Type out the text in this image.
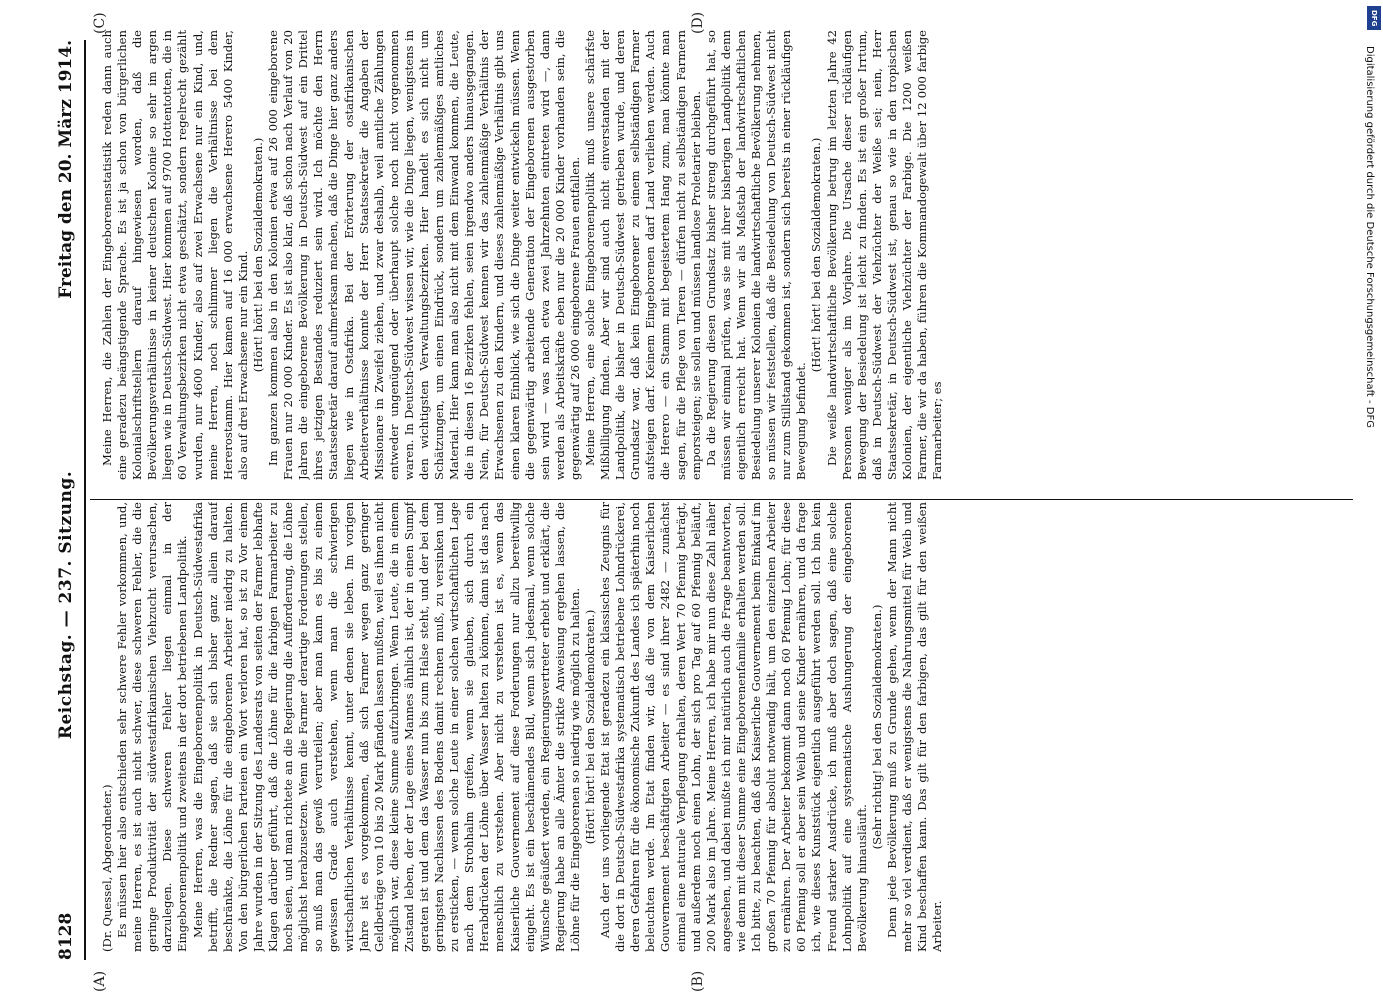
8128
Reichstag. — 237. Sitzung.
Freitag den 20. März 1914.
(A)
(C)
(B)
(D)

(Dr. Quessel, Abgeordneter.) Es müssen hier also entschieden sehr schwere Fehler vorkommen, und, meine Herren, es ist auch nicht schwer, diese schweren Fehler, die die geringe Produktivität der südwestafrikanischen Viehzucht verursachen, darzulegen. Diese schweren Fehler liegen einmal in der Eingeborenenpolitik und zweitens in der dort betriebenen Landpolitik. Meine Herren, was die Eingeborenenpolitik in Deutsch-Südwestafrika betrifft, die Redner sagen, daß sie sich bisher ganz allein darauf beschränkte, die Löhne für die eingeborenen Arbeiter niedrig zu halten. Von den bürgerlichen Parteien ein Wort verloren hat, so ist zu Vor einem Jahre wurden in der Sitzung des Landesrats von seiten der Farmer lebhafte Klagen darüber geführt, daß die Löhne für die farbigen Farmarbeiter zu hoch seien, und man richtete an die Regierung die Aufforderung, die Löhne möglichst herabzusetzen. Wenn die Farmer derartige Forderungen stellen, so muß man das gewiß verurteilen; aber man kann es bis zu einem gewissen Grade auch verstehen, wenn man die schwierigen wirtschaftlichen Verhältnisse kennt, unter denen sie leben. Im vorigen Jahre ist es vorgekommen, daß sich Farmer wegen ganz geringer Geldbeträge von 10 bis 20 Mark pfänden lassen mußten, weil es ihnen nicht möglich war, diese kleine Summe aufzubringen. Wenn Leute, die in einem Zustand leben, der der Lage eines Mannes ähnlich ist, der in einen Sumpf geraten ist und dem das Wasser nun bis zum Halse steht, und der bei dem geringsten Nachlassen des Bodens damit rechnen muß, zu versinken und zu ersticken, — wenn solche Leute in einer solchen wirtschaftlichen Lage nach dem Strohhalm greifen, wenn sie glauben, sich durch ein Herabdrücken der Löhne über Wasser halten zu können, dann ist das nach menschlich zu verstehen. Aber nicht zu verstehen ist es, wenn das Kaiserliche Gouvernement auf diese Forderungen nur allzu bereitwillig eingeht. Es ist ein beschämendes Bild, wenn sich jedesmal, wenn solche Wünsche geäußert werden, ein Regierungsvertreter erhebt und erklärt, die Regierung habe an alle Ämter die strikte Anweisung ergehen lassen, die Löhne für die Eingeborenen so niedrig wie möglich zu halten. (Hört! hört! bei den Sozialdemokraten.) Auch der uns vorliegende Etat ist geradezu ein klassisches Zeugnis für die dort in Deutsch-Südwestafrika systematisch betriebene Lohndrückerei, deren Gefahren für die ökonomische Zukunft des Landes ich späterhin noch beleuchten werde. Im Etat finden wir, daß die von dem Kaiserlichen Gouvernement beschäftigten Arbeiter — es sind ihrer 2482 — zunächst einmal eine naturale Verpflegung erhalten, deren Wert 70 Pfennig beträgt, und außerdem noch einen Lohn, der sich pro Tag auf 60 Pfennig beläuft, 200 Mark also im Jahre. Meine Herren, ich habe mir nun diese Zahl näher angesehen, und dabei mußte ich mir natürlich auch die Frage beantworten, wie denn mit dieser Summe eine Eingeborenenfamilie erhalten werden soll. Ich bitte, zu beachten, daß das Kaiserliche Gouvernement beim Einkauf im großen 70 Pfennig für absolut notwendig hält, um den einzelnen Arbeiter zu ernähren. Der Arbeiter bekommt dann noch 60 Pfennig Lohn; für diese 60 Pfennig soll er aber sein Weib und seine Kinder ernähren, und da frage ich, wie dieses Kunststück eigentlich ausgeführt werden soll. Ich bin kein Freund starker Ausdrücke, ich muß aber doch sagen, daß eine solche Lohnpolitik auf eine systematische Aushungerung der eingeborenen Bevölkerung hinausläuft.

(Sehr richtig! bei den Sozialdemokraten.) Denn jede Bevölkerung muß zu Grunde gehen, wenn der Mann nicht mehr so viel verdient, daß er wenigstens die Nahrungsmittel für Weib und Kind beschaffen kann. Das gilt für den farbigen, das gilt für den weißen Arbeiter.

Meine Herren, die Zahlen der Eingeborenenstatistik reden dann auch eine geradezu beängstigende Sprache. Es ist ja schon von bürgerlichen Kolonialschriftstellern darauf hingewiesen worden, daß die Bevölkerungsverhältnisse in keiner deutschen Kolonie so sehr im argen liegen wie in Deutsch-Südwest. Hier kommen auf 9700 Hottentotten, die in 60 Verwaltungsbezirken nicht etwa geschätzt, sondern regelrecht gezählt wurden, nur 4600 Kinder, also auf zwei Erwachsene nur ein Kind, und, meine Herren, noch schlimmer liegen die Verhältnisse bei dem Hererostamm. Hier kamen auf 16 000 erwachsene Herero 5400 Kinder, also auf drei Erwachsene nur ein Kind. (Hört! hört! bei den Sozialdemokraten.) Im ganzen kommen also in den Kolonien etwa auf 26 000 eingeborene Frauen nur 20 000 Kinder. Es ist also klar, daß schon nach Verlauf von 20 Jahren die eingeborene Bevölkerung in Deutsch-Südwest auf ein Drittel ihres jetzigen Bestandes reduziert sein wird. Ich möchte den Herrn Staatssekretär darauf aufmerksam machen, daß die Dinge hier ganz anders liegen wie in Ostafrika. Bei der Erörterung der ostafrikanischen Arbeiterverhältnisse konnte der Herr Staatssekretär die Angaben der Missionare in Zweifel ziehen, und zwar deshalb, weil amtliche Zählungen entweder ungenügend oder überhaupt solche noch nicht vorgenommen waren. In Deutsch-Südwest wissen wir, wie die Dinge liegen, wenigstens in den wichtigsten Verwaltungsbezirken. Hier handelt es sich nicht um Schätzungen, um einen Eindrück, sondern um zahlenmäßiges amtliches Material. Hier kann man also nicht mit dem Einwand kommen, die Leute, die in diesen 16 Bezirken fehlen, seien irgendwo anders hinausgegangen. Nein, für Deutsch-Südwest kennen wir das zahlenmäßige Verhältnis der Erwachsenen zu den Kindern, und dieses zahlenmäßige Verhältnis gibt uns einen klaren Einblick, wie sich die Dinge weiter entwickeln müssen. Wenn die gegenwärtig arbeitende Generation der Eingeborenen ausgestorben sein wird — was nach etwa zwei Jahrzehnten eintreten wird —, dann werden als Arbeitskräfte eben nur die 20 000 Kinder vorhanden sein, die gegenwärtig auf 26 000 eingeborene Frauen entfallen. Meine Herren, eine solche Eingeborenenpolitik muß unsere schärfste Mißbilligung finden. Aber wir sind auch nicht einverstanden mit der Landpolitik, die bisher in Deutsch-Südwest getrieben wurde, und deren Grundsatz war, daß kein Eingeborener zu einem selbständigen Farmer aufsteigen darf. Keinem Eingeborenen darf Land verliehen werden. Auch die Herero — ein Stamm mit begeistertem Hang zum, man könnte man sagen, für die Pflege von Tieren — dürfen nicht zu selbständigen Farmern emporsteigen; sie sollen und müssen landlose Proletarier bleiben. Da die Regierung diesen Grundsatz bisher streng durchgeführt hat, so müssen wir einmal prüfen, was sie mit ihrer bisherigen Landpolitik denn eigentlich erreicht hat. Wenn wir als Maßstab der landwirtschaftlichen Besiedelung unserer Kolonien die landwirtschaftliche Bevölkerung nehmen, so müssen wir feststellen, daß die Besiedelung von Deutsch-Südwest nicht nur zum Stillstand gekommen ist, sondern sich bereits in einer rückläufigen Bewegung befindet.

(Hört! hört! bei den Sozialdemokraten.) Die weiße landwirtschaftliche Bevölkerung betrug im letzten Jahre 42 Personen weniger als im Vorjahre. Die Ursache dieser rückläufigen Bewegung der Besiedelung ist leicht zu finden. Es ist ein großer Irrtum, daß in Deutsch-Südwest der Viehzüchter der Weiße sei; nein, Herr Staatssekretär, in Deutsch-Südwest ist, genau so wie in den tropischen Kolonien, der eigentliche Viehzüchter der Farbige. Die 1200 weißen Farmer, die wir da haben, führen die Kommandogewalt über 12 000 farbige Farmarbeiter; es

Digitalisierung gefördert durch die Deutsche Forschungsgemeinschaft - DFG
DFG
